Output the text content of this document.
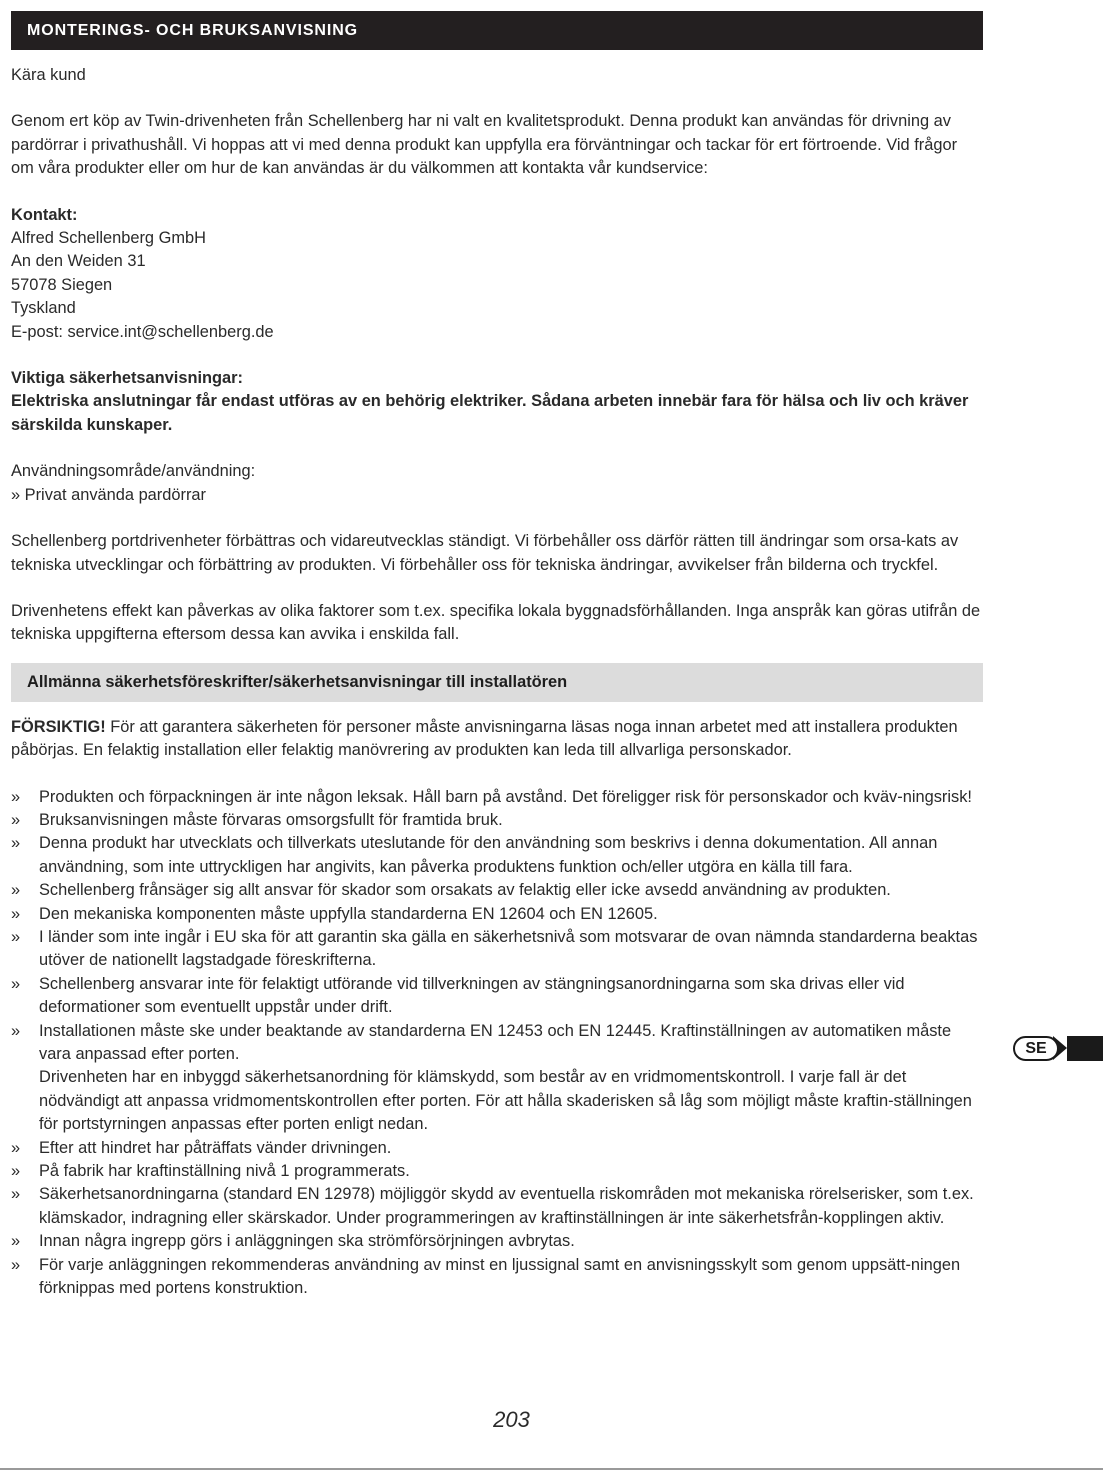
MONTERINGS- OCH BRUKSANVISNING

Kära kund

Genom ert köp av Twin-drivenheten från Schellenberg har ni valt en kvalitetsprodukt. Denna produkt kan användas för drivning av pardörrar i privathushåll. Vi hoppas att vi med denna produkt kan uppfylla era förväntningar och tackar för ert förtroende. Vid frågor om våra produkter eller om hur de kan användas är du välkommen att kontakta vår kundservice:

Kontakt:

Alfred Schellenberg GmbH

An den Weiden 31

57078 Siegen

Tyskland

E-post: service.int@schellenberg.de

Viktiga säkerhetsanvisningar:

Elektriska anslutningar får endast utföras av en behörig elektriker. Sådana arbeten innebär fara för hälsa och liv och kräver särskilda kunskaper.

Användningsområde/användning:

» Privat använda pardörrar

Schellenberg portdrivenheter förbättras och vidareutvecklas ständigt. Vi förbehåller oss därför rätten till ändringar som orsa-kats av tekniska utvecklingar och förbättring av produkten. Vi förbehåller oss för tekniska ändringar, avvikelser från bilderna och tryckfel.

Drivenhetens effekt kan påverkas av olika faktorer som t.ex. specifika lokala byggnadsförhållanden. Inga anspråk kan göras utifrån de tekniska uppgifterna eftersom dessa kan avvika i enskilda fall.

Allmänna säkerhetsföreskrifter/säkerhetsanvisningar till installatören

FÖRSIKTIG! För att garantera säkerheten för personer måste anvisningarna läsas noga innan arbetet med att installera produkten påbörjas. En felaktig installation eller felaktig manövrering av produkten kan leda till allvarliga personskador.

» Produkten och förpackningen är inte någon leksak. Håll barn på avstånd. Det föreligger risk för personskador och kväv-ningsrisk!
» Bruksanvisningen måste förvaras omsorgsfullt för framtida bruk.
» Denna produkt har utvecklats och tillverkats uteslutande för den användning som beskrivs i denna dokumentation. All annan användning, som inte uttryckligen har angivits, kan påverka produktens funktion och/eller utgöra en källa till fara.
» Schellenberg frånsäger sig allt ansvar för skador som orsakats av felaktig eller icke avsedd användning av produkten.
» Den mekaniska komponenten måste uppfylla standarderna EN 12604 och EN 12605.
» I länder som inte ingår i EU ska för att garantin ska gälla en säkerhetsnivå som motsvarar de ovan nämnda standarderna beaktas utöver de nationellt lagstadgade föreskrifterna.
» Schellenberg ansvarar inte för felaktigt utförande vid tillverkningen av stängningsanordningarna som ska drivas eller vid deformationer som eventuellt uppstår under drift.
» Installationen måste ske under beaktande av standarderna EN 12453 och EN 12445. Kraftinställningen av automatiken måste vara anpassad efter porten.
Drivenheten har en inbyggd säkerhetsanordning för klämskydd, som består av en vridmomentskontroll. I varje fall är det nödvändigt att anpassa vridmomentskontrollen efter porten. För att hålla skaderisken så låg som möjligt måste kraftin-ställningen för portstyrningen anpassas efter porten enligt nedan.
» Efter att hindret har påträffats vänder drivningen.
» På fabrik har kraftinställning nivå 1 programmerats.
» Säkerhetsanordningarna (standard EN 12978) möjliggör skydd av eventuella riskområden mot mekaniska rörelserisker, som t.ex. klämskador, indragning eller skärskador. Under programmeringen av kraftinställningen är inte säkerhetsfrån-kopplingen aktiv.
» Innan några ingrepp görs i anläggningen ska strömförsörjningen avbrytas.
» För varje anläggningen rekommenderas användning av minst en ljussignal samt en anvisningsskylt som genom uppsätt-ningen förknippas med portens konstruktion.
SE
203
